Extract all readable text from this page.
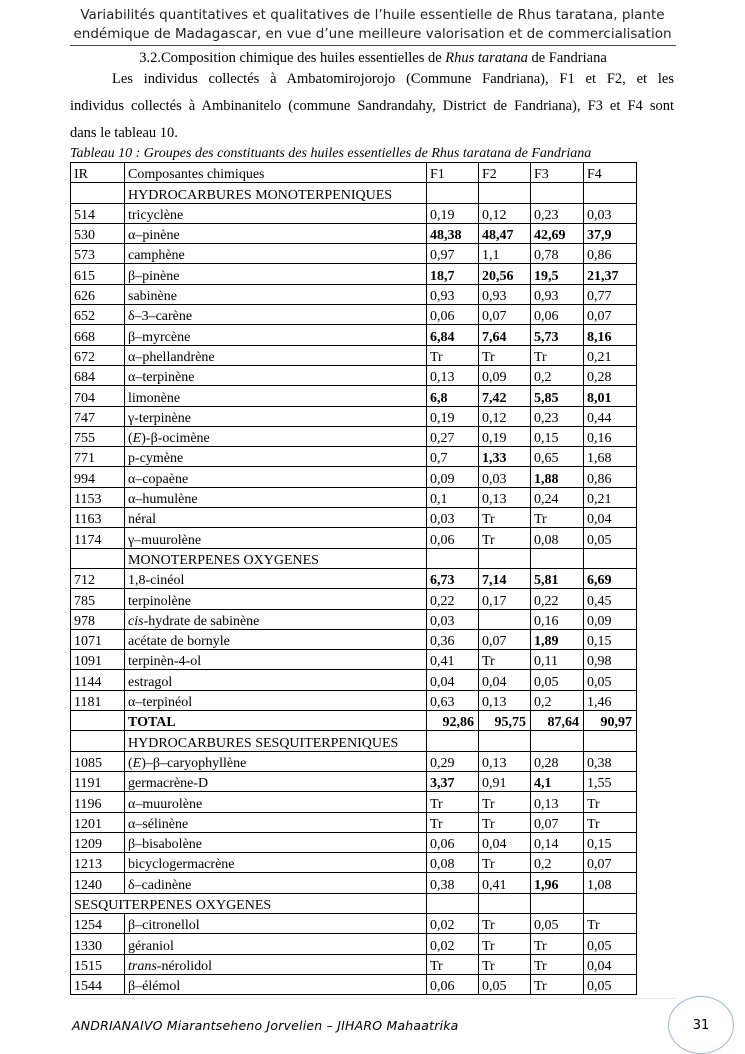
Variabilités quantitatives et qualitatives de l’huile essentielle de Rhus taratana, plante
endémique de Madagascar, en vue d’une meilleure valorisation et de commercialisation
3.2.Composition chimique des huiles essentielles de Rhus taratana de Fandriana
Les individus collectés à Ambatomirojorojo (Commune Fandriana), F1 et F2, et les
individus collectés à Ambinanitelo (commune Sandrandahy, District de Fandriana), F3 et F4 sont
dans le tableau 10.
Tableau 10 : Groupes des constituants des huiles essentielles de Rhus taratana de Fandriana
IR	Composantes chimiques	F1	F2	F3	F4
	HYDROCARBURES MONOTERPENIQUES				
514	tricyclène	0,19	0,12	0,23	0,03
530	α–pinène	48,38	48,47	42,69	37,9
573	camphène	0,97	1,1	0,78	0,86
615	β–pinène	18,7	20,56	19,5	21,37
626	sabinène	0,93	0,93	0,93	0,77
652	δ–3–carène	0,06	0,07	0,06	0,07
668	β–myrcène	6,84	7,64	5,73	8,16
672	α–phellandrène	Tr	Tr	Tr	0,21
684	α–terpinène	0,13	0,09	0,2	0,28
704	limonène	6,8	7,42	5,85	8,01
747	γ-terpinène	0,19	0,12	0,23	0,44
755	(E)-β-ocimène	0,27	0,19	0,15	0,16
771	p-cymène	0,7	1,33	0,65	1,68
994	α–copaène	0,09	0,03	1,88	0,86
1153	α–humulène	0,1	0,13	0,24	0,21
1163	néral	0,03	Tr	Tr	0,04
1174	γ–muurolène	0,06	Tr	0,08	0,05
	MONOTERPENES OXYGENES				
712	1,8-cinéol	6,73	7,14	5,81	6,69
785	terpinolène	0,22	0,17	0,22	0,45
978	cis-hydrate de sabinène	0,03		0,16	0,09
1071	acétate de bornyle	0,36	0,07	1,89	0,15
1091	terpinèn-4-ol	0,41	Tr	0,11	0,98
1144	estragol	0,04	0,04	0,05	0,05
1181	α–terpinéol	0,63	0,13	0,2	1,46
	TOTAL	92,86	95,75	87,64	90,97
	HYDROCARBURES SESQUITERPENIQUES				
1085	(E)–β–caryophyllène	0,29	0,13	0,28	0,38
1191	germacrène-D	3,37	0,91	4,1	1,55
1196	α–muurolène	Tr	Tr	0,13	Tr
1201	α–sélinène	Tr	Tr	0,07	Tr
1209	β–bisabolène	0,06	0,04	0,14	0,15
1213	bicyclogermacrène	0,08	Tr	0,2	0,07
1240	δ–cadinène	0,38	0,41	1,96	1,08
SESQUITERPENES OXYGENES					
1254	β–citronellol	0,02	Tr	0,05	Tr
1330	géraniol	0,02	Tr	Tr	0,05
1515	trans-nérolidol	Tr	Tr	Tr	0,04
1544	β–élémol	0,06	0,05	Tr	0,05
ANDRIANAIVO Miarantseheno Jorvelien – JIHARO Mahaatrika	31
